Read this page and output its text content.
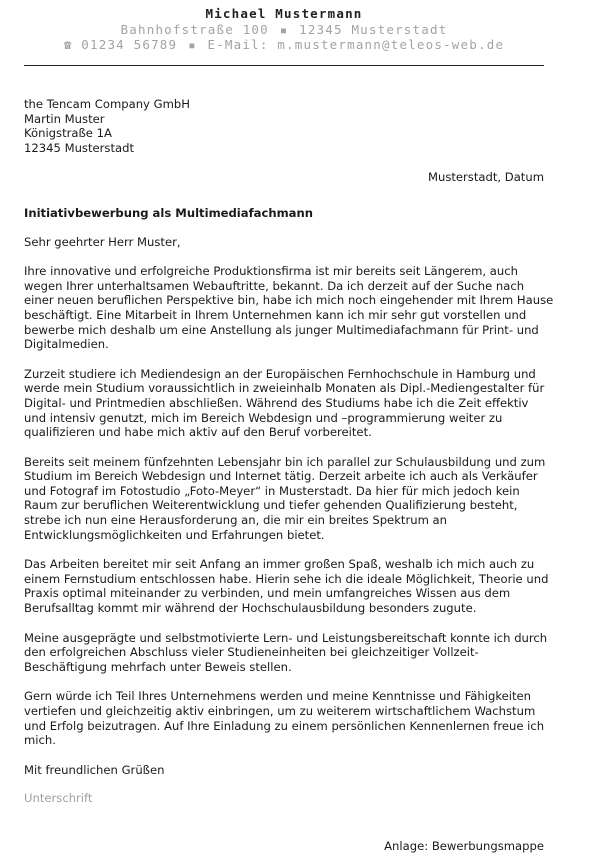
Michael Mustermann
Bahnhofstraße 100 ▪ 12345 Musterstadt
☎ 01234 56789 ▪ E-Mail: m.mustermann@teleos-web.de
the Tencam Company GmbH
Martin Muster
Königstraße 1A
12345 Musterstadt
Musterstadt, Datum
Initiativbewerbung als Multimediafachmann
Sehr geehrter Herr Muster,
Ihre innovative und erfolgreiche Produktionsfirma ist mir bereits seit Längerem, auch wegen Ihrer unterhaltsamen Webauftritte, bekannt. Da ich derzeit auf der Suche nach einer neuen beruflichen Perspektive bin, habe ich mich noch eingehender mit Ihrem Hause beschäftigt. Eine Mitarbeit in Ihrem Unternehmen kann ich mir sehr gut vorstellen und bewerbe mich deshalb um eine Anstellung als junger Multimediafachmann für Print- und Digitalmedien.
Zurzeit studiere ich Mediendesign an der Europäischen Fernhochschule in Hamburg und werde mein Studium voraussichtlich in zweieinhalb Monaten als Dipl.-Mediengestalter für Digital- und Printmedien abschließen. Während des Studiums habe ich die Zeit effektiv und intensiv genutzt, mich im Bereich Webdesign und –programmierung weiter zu qualifizieren und habe mich aktiv auf den Beruf vorbereitet.
Bereits seit meinem fünfzehnten Lebensjahr bin ich parallel zur Schulausbildung und zum Studium im Bereich Webdesign und Internet tätig. Derzeit arbeite ich auch als Verkäufer und Fotograf im Fotostudio „Foto-Meyer“ in Musterstadt. Da hier für mich jedoch kein Raum zur beruflichen Weiterentwicklung und tiefer gehenden Qualifizierung besteht, strebe ich nun eine Herausforderung an, die mir ein breites Spektrum an Entwicklungsmöglichkeiten und Erfahrungen bietet.
Das Arbeiten bereitet mir seit Anfang an immer großen Spaß, weshalb ich mich auch zu einem Fernstudium entschlossen habe. Hierin sehe ich die ideale Möglichkeit, Theorie und Praxis optimal miteinander zu verbinden, und mein umfangreiches Wissen aus dem Berufsalltag kommt mir während der Hochschulausbildung besonders zugute.
Meine ausgeprägte und selbstmotivierte Lern- und Leistungsbereitschaft konnte ich durch den erfolgreichen Abschluss vieler Studieneinheiten bei gleichzeitiger Vollzeit-Beschäftigung mehrfach unter Beweis stellen.
Gern würde ich Teil Ihres Unternehmens werden und meine Kenntnisse und Fähigkeiten vertiefen und gleichzeitig aktiv einbringen, um zu weiterem wirtschaftlichem Wachstum und Erfolg beizutragen. Auf Ihre Einladung zu einem persönlichen Kennenlernen freue ich mich.
Mit freundlichen Grüßen
Unterschrift
Anlage: Bewerbungsmappe
